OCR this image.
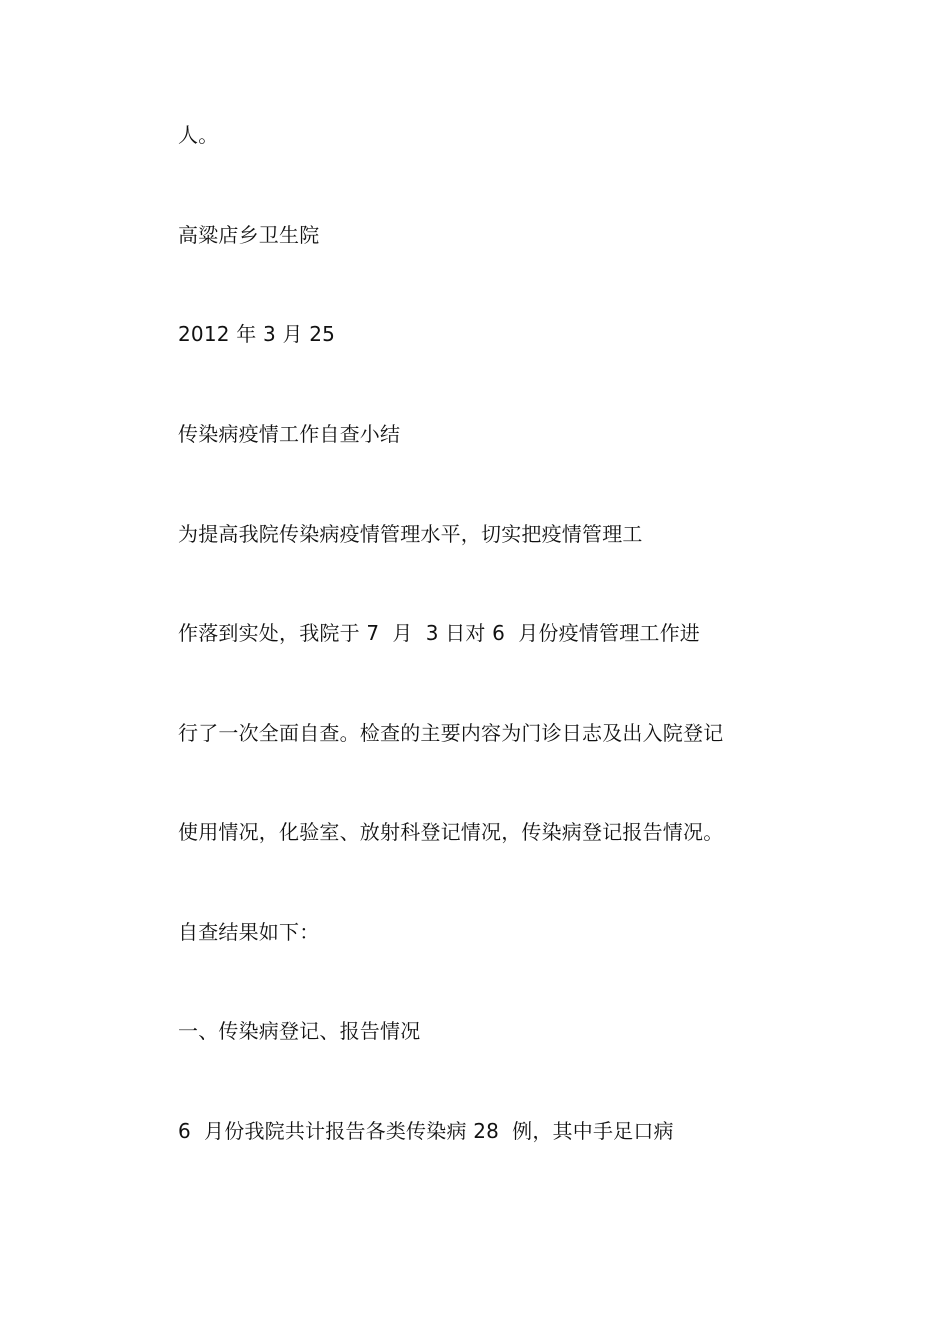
人。
高粱店乡卫生院
2012 年 3 月 25
传染病疫情工作自查小结
为提高我院传染病疫情管理水平，切实把疫情管理工
作落到实处，我院于 7  月  3 日对 6  月份疫情管理工作进
行了一次全面自查。检查的主要内容为门诊日志及出入院登记
使用情况，化验室、放射科登记情况，传染病登记报告情况。
自查结果如下：
一、传染病登记、报告情况
6  月份我院共计报告各类传染病 28  例，其中手足口病
